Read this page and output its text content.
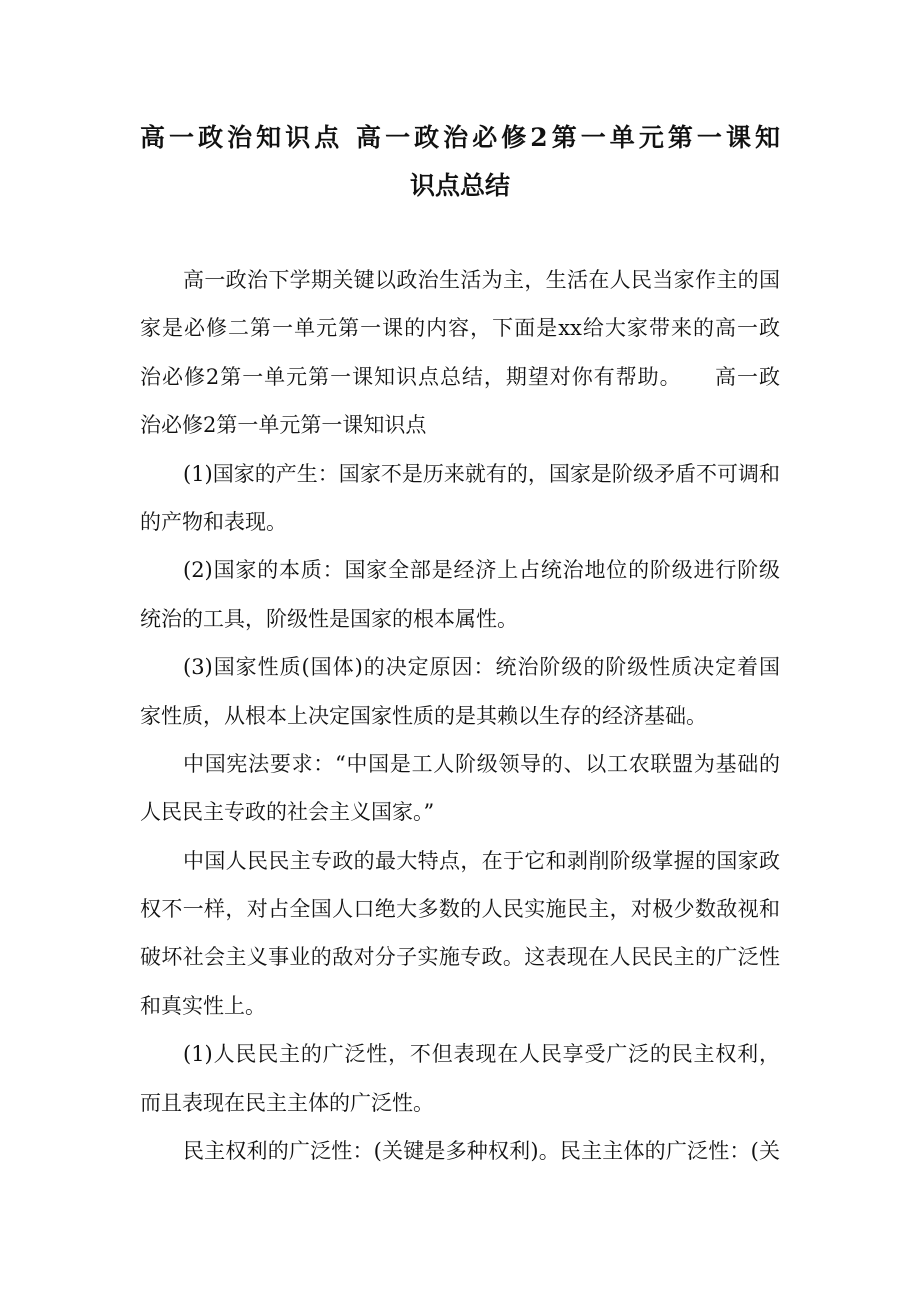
高一政治知识点 高一政治必修2第一单元第一课知
识点总结
高一政治下学期关键以政治生活为主，生活在人民当家作主的国
家是必修二第一单元第一课的内容，下面是xx给大家带来的高一政
治必修2第一单元第一课知识点总结，期望对你有帮助。　　高一政
治必修2第一单元第一课知识点
(1)国家的产生：国家不是历来就有的，国家是阶级矛盾不可调和
的产物和表现。
(2)国家的本质：国家全部是经济上占统治地位的阶级进行阶级
统治的工具，阶级性是国家的根本属性。
(3)国家性质(国体)的决定原因：统治阶级的阶级性质决定着国
家性质，从根本上决定国家性质的是其赖以生存的经济基础。
中国宪法要求：“中国是工人阶级领导的、以工农联盟为基础的
人民民主专政的社会主义国家。”
中国人民民主专政的最大特点，在于它和剥削阶级掌握的国家政
权不一样，对占全国人口绝大多数的人民实施民主，对极少数敌视和
破坏社会主义事业的敌对分子实施专政。这表现在人民民主的广泛性
和真实性上。
(1)人民民主的广泛性，不但表现在人民享受广泛的民主权利，
而且表现在民主主体的广泛性。
民主权利的广泛性：(关键是多种权利)。民主主体的广泛性：(关
